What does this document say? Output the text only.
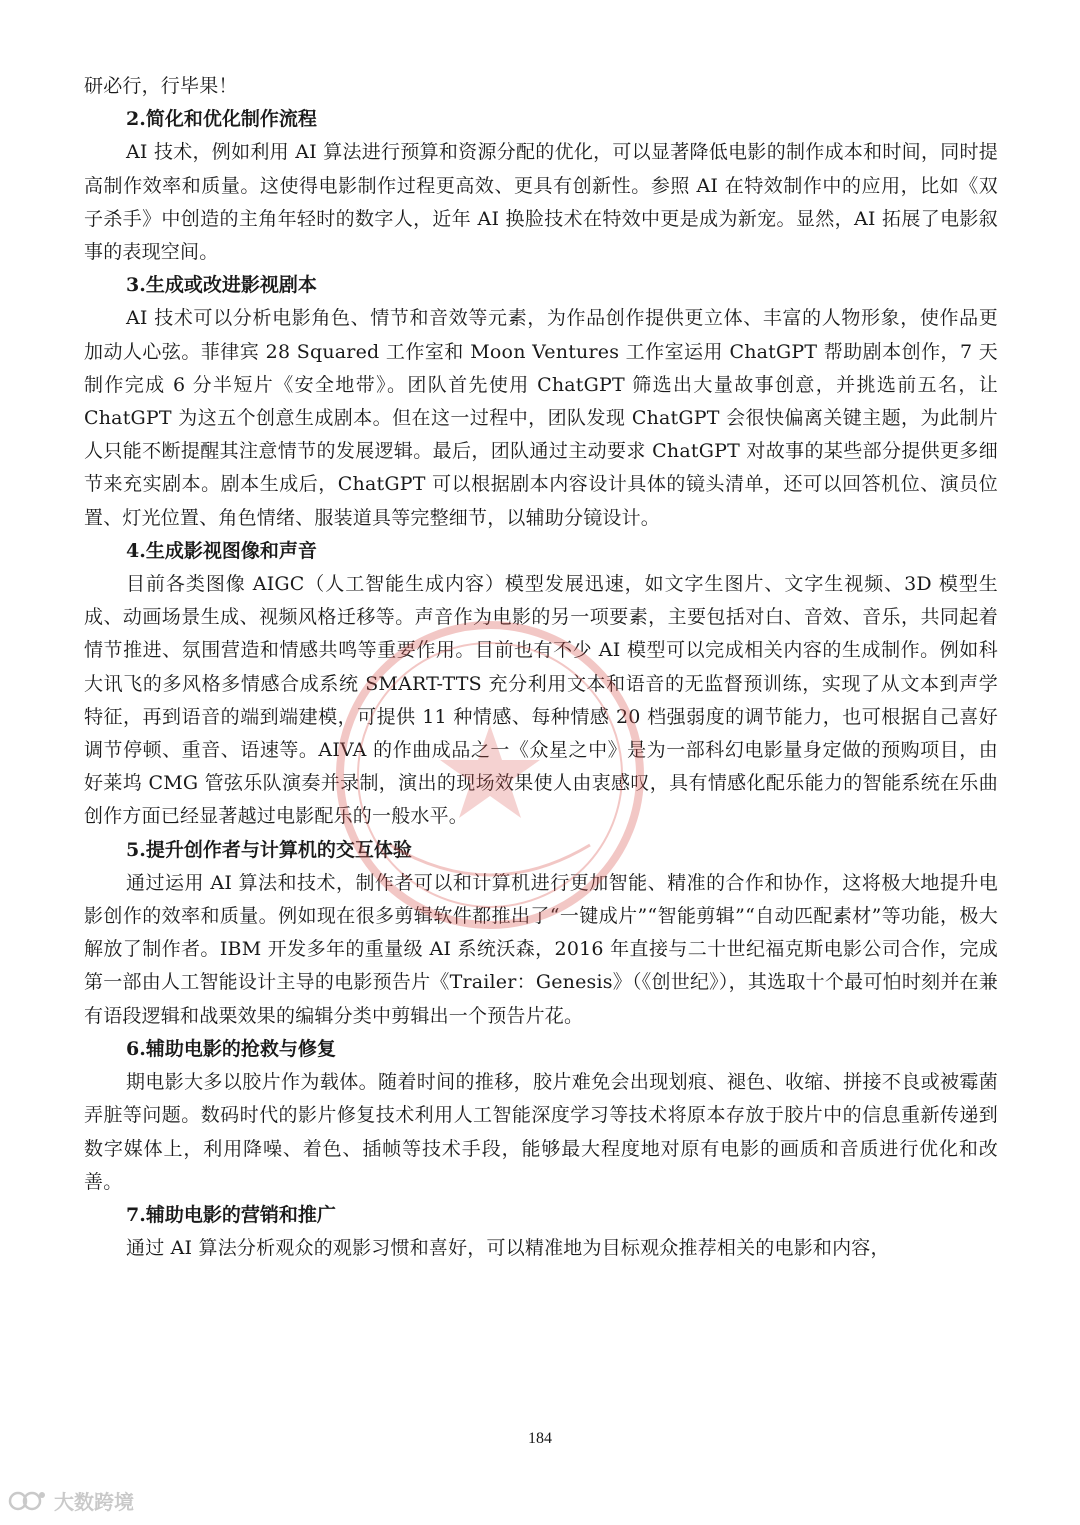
研必行，行毕果！

2.简化和优化制作流程

AI 技术，例如利用 AI 算法进行预算和资源分配的优化，可以显著降低电影的制作成本和时间，同时提高制作效率和质量。这使得电影制作过程更高效、更具有创新性。参照 AI 在特效制作中的应用，比如《双子杀手》中创造的主角年轻时的数字人，近年 AI 换脸技术在特效中更是成为新宠。显然，AI 拓展了电影叙事的表现空间。

3.生成或改进影视剧本

AI 技术可以分析电影角色、情节和音效等元素，为作品创作提供更立体、丰富的人物形象，使作品更加动人心弦。菲律宾 28 Squared 工作室和 Moon Ventures 工作室运用 ChatGPT 帮助剧本创作，7 天制作完成 6 分半短片《安全地带》。团队首先使用 ChatGPT 筛选出大量故事创意，并挑选前五名，让 ChatGPT 为这五个创意生成剧本。但在这一过程中，团队发现 ChatGPT 会很快偏离关键主题，为此制片人只能不断提醒其注意情节的发展逻辑。最后，团队通过主动要求 ChatGPT 对故事的某些部分提供更多细节来充实剧本。剧本生成后，ChatGPT 可以根据剧本内容设计具体的镜头清单，还可以回答机位、演员位置、灯光位置、角色情绪、服装道具等完整细节，以辅助分镜设计。

4.生成影视图像和声音

目前各类图像 AIGC（人工智能生成内容）模型发展迅速，如文字生图片、文字生视频、3D 模型生成、动画场景生成、视频风格迁移等。声音作为电影的另一项要素，主要包括对白、音效、音乐，共同起着情节推进、氛围营造和情感共鸣等重要作用。目前也有不少 AI 模型可以完成相关内容的生成制作。例如科大讯飞的多风格多情感合成系统 SMART-TTS 充分利用文本和语音的无监督预训练，实现了从文本到声学特征，再到语音的端到端建模，可提供 11 种情感、每种情感 20 档强弱度的调节能力，也可根据自己喜好调节停顿、重音、语速等。AIVA 的作曲成品之一《众星之中》是为一部科幻电影量身定做的预购项目，由好莱坞 CMG 管弦乐队演奏并录制，演出的现场效果使人由衷感叹，具有情感化配乐能力的智能系统在乐曲创作方面已经显著越过电影配乐的一般水平。

5.提升创作者与计算机的交互体验

通过运用 AI 算法和技术，制作者可以和计算机进行更加智能、精准的合作和协作，这将极大地提升电影创作的效率和质量。例如现在很多剪辑软件都推出了“一键成片”“智能剪辑”“自动匹配素材”等功能，极大解放了制作者。IBM 开发多年的重量级 AI 系统沃森，2016 年直接与二十世纪福克斯电影公司合作，完成第一部由人工智能设计主导的电影预告片《Trailer：Genesis》（《创世纪》），其选取十个最可怕时刻并在兼有语段逻辑和战栗效果的编辑分类中剪辑出一个预告片花。

6.辅助电影的抢救与修复

期电影大多以胶片作为载体。随着时间的推移，胶片难免会出现划痕、褪色、收缩、拼接不良或被霉菌弄脏等问题。数码时代的影片修复技术利用人工智能深度学习等技术将原本存放于胶片中的信息重新传递到数字媒体上，利用降噪、着色、插帧等技术手段，能够最大程度地对原有电影的画质和音质进行优化和改善。

7.辅助电影的营销和推广

通过 AI 算法分析观众的观影习惯和喜好，可以精准地为目标观众推荐相关的电影和内容，

184
大数跨境
